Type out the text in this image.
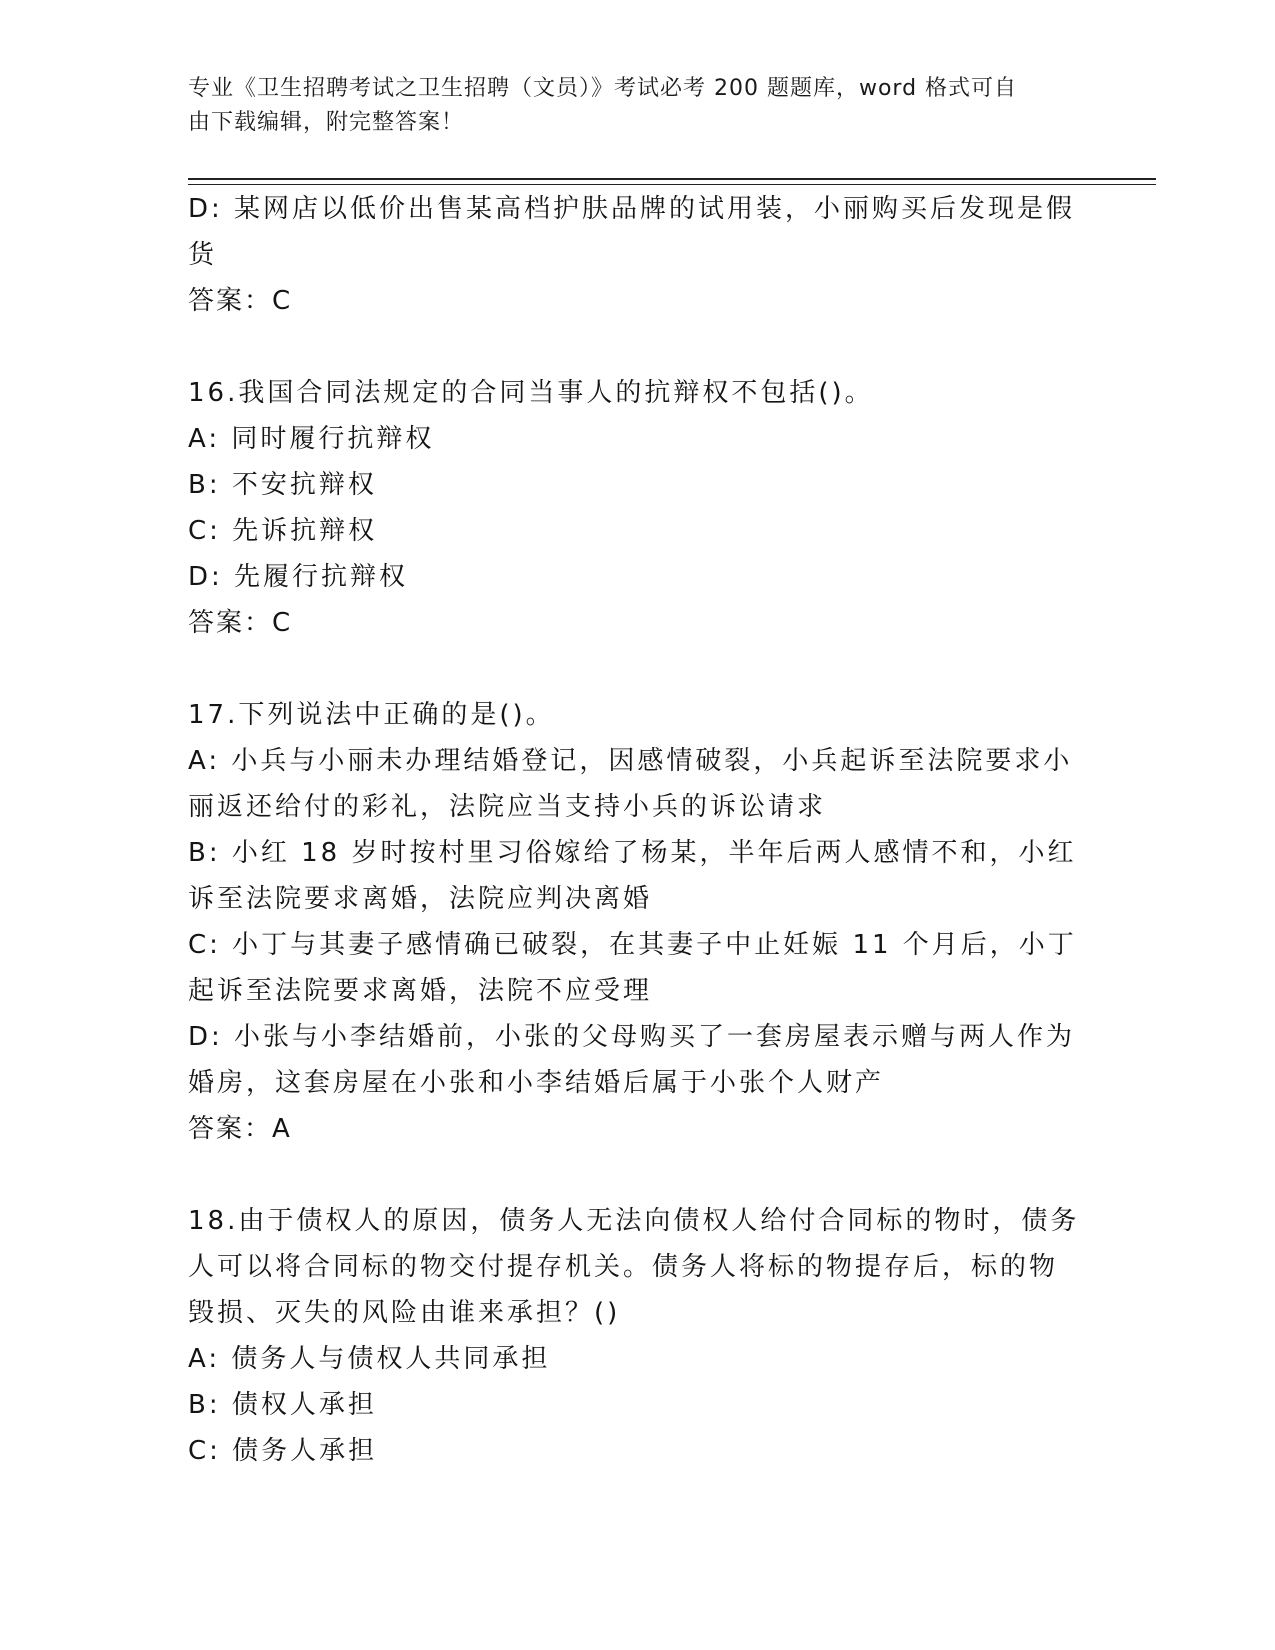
专业《卫生招聘考试之卫生招聘（文员）》考试必考 200 题题库，word 格式可自
由下载编辑，附完整答案！
D: 某网店以低价出售某高档护肤品牌的试用装，小丽购买后发现是假
货
答案：C
16.我国合同法规定的合同当事人的抗辩权不包括()。
A: 同时履行抗辩权
B: 不安抗辩权
C: 先诉抗辩权
D: 先履行抗辩权
答案：C
17.下列说法中正确的是()。
A: 小兵与小丽未办理结婚登记，因感情破裂，小兵起诉至法院要求小
丽返还给付的彩礼，法院应当支持小兵的诉讼请求
B: 小红 18 岁时按村里习俗嫁给了杨某，半年后两人感情不和，小红
诉至法院要求离婚，法院应判决离婚
C: 小丁与其妻子感情确已破裂，在其妻子中止妊娠 11 个月后，小丁
起诉至法院要求离婚，法院不应受理
D: 小张与小李结婚前，小张的父母购买了一套房屋表示赠与两人作为
婚房，这套房屋在小张和小李结婚后属于小张个人财产
答案：A
18.由于债权人的原因，债务人无法向债权人给付合同标的物时，债务
人可以将合同标的物交付提存机关。债务人将标的物提存后，标的物
毁损、灭失的风险由谁来承担？()
A: 债务人与债权人共同承担
B: 债权人承担
C: 债务人承担
